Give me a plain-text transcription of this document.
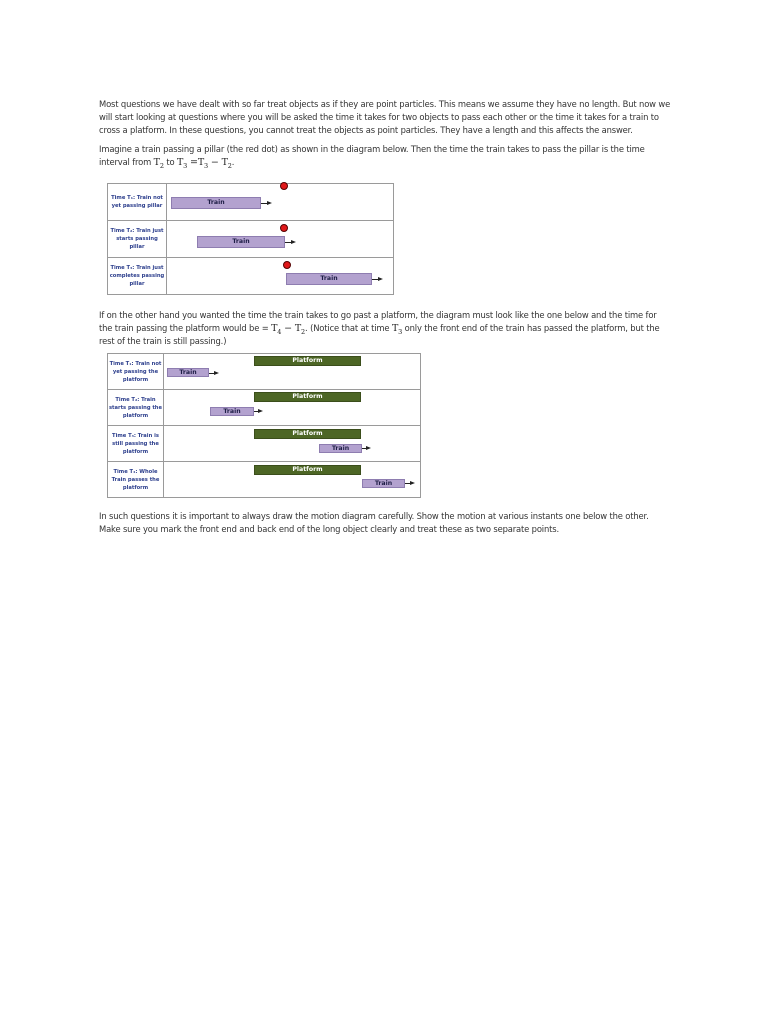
Most questions we have dealt with so far treat objects as if they are point particles. This means we assume they have no length. But now we will start looking at questions where you will be asked the time it takes for two objects to pass each other or the time it takes for a train to cross a platform. In these questions, you cannot treat the objects as point particles. They have a length and this affects the answer.

Imagine a train passing a pillar (the red dot) as shown in the diagram below. Then the time the train takes to pass the pillar is the time interval from $T_2$ to $T_3 =T_3 - T_2$.

Time T₁: Train not yet passing pillar	Train

Time T₂: Train just starts passing pillar	Train

Time T₃: Train just completes passing pillar	Train

If on the other hand you wanted the time the train takes to go past a platform, the diagram must look like the one below and the time for the train passing the platform would be = $T_4 - T_2$. (Notice that at time $T_3$ only the front end of the train has passed the platform, but the rest of the train is still passing.)

Time T₁: Train not yet passing the platform	Platform
Train

Time T₂: Train starts passing the platform	Platform
Train

Time T₃: Train is still passing the platform	Platform
Train

Time T₄: Whole Train passes the platform	Platform
Train

In such questions it is important to always draw the motion diagram carefully. Show the motion at various instants one below the other. Make sure you mark the front end and back end of the long object clearly and treat these as two separate points.
